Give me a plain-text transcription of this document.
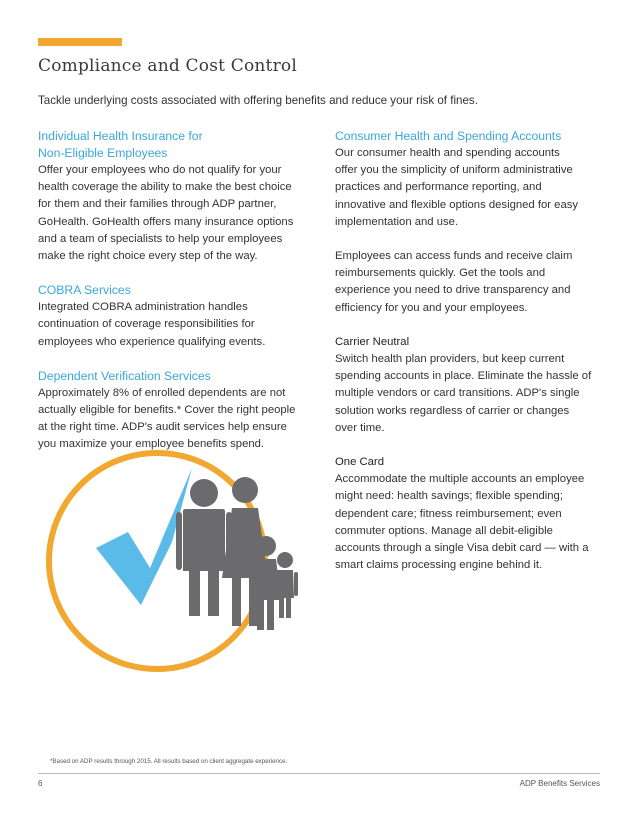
Compliance and Cost Control
Tackle underlying costs associated with offering benefits and reduce your risk of fines.

Individual Health Insurance for
Non-Eligible Employees

Offer your employees who do not qualify for your
health coverage the ability to make the best choice
for them and their families through ADP partner,
GoHealth. GoHealth offers many insurance options
and a team of specialists to help your employees
make the right choice every step of the way.

COBRA Services

Integrated COBRA administration handles
continuation of coverage responsibilities for
employees who experience qualifying events.

Dependent Verification Services

Approximately 8% of enrolled dependents are not
actually eligible for benefits.* Cover the right people
at the right time. ADP's audit services help ensure
you maximize your employee benefits spend.

Consumer Health and Spending Accounts

Our consumer health and spending accounts
offer you the simplicity of uniform administrative
practices and performance reporting, and
innovative and flexible options designed for easy
implementation and use.

Employees can access funds and receive claim
reimbursements quickly. Get the tools and
experience you need to drive transparency and
efficiency for you and your employees.

Carrier Neutral

Switch health plan providers, but keep current
spending accounts in place. Eliminate the hassle of
multiple vendors or card transitions. ADP's single
solution works regardless of carrier or changes
over time.

One Card

Accommodate the multiple accounts an employee
might need: health savings; flexible spending;
dependent care; fitness reimbursement; even
commuter options. Manage all debit-eligible
accounts through a single Visa debit card — with a
smart claims processing engine behind it.

*Based on ADP results through 2015. All results based on client aggregate experience.
6	ADP Benefits Services
